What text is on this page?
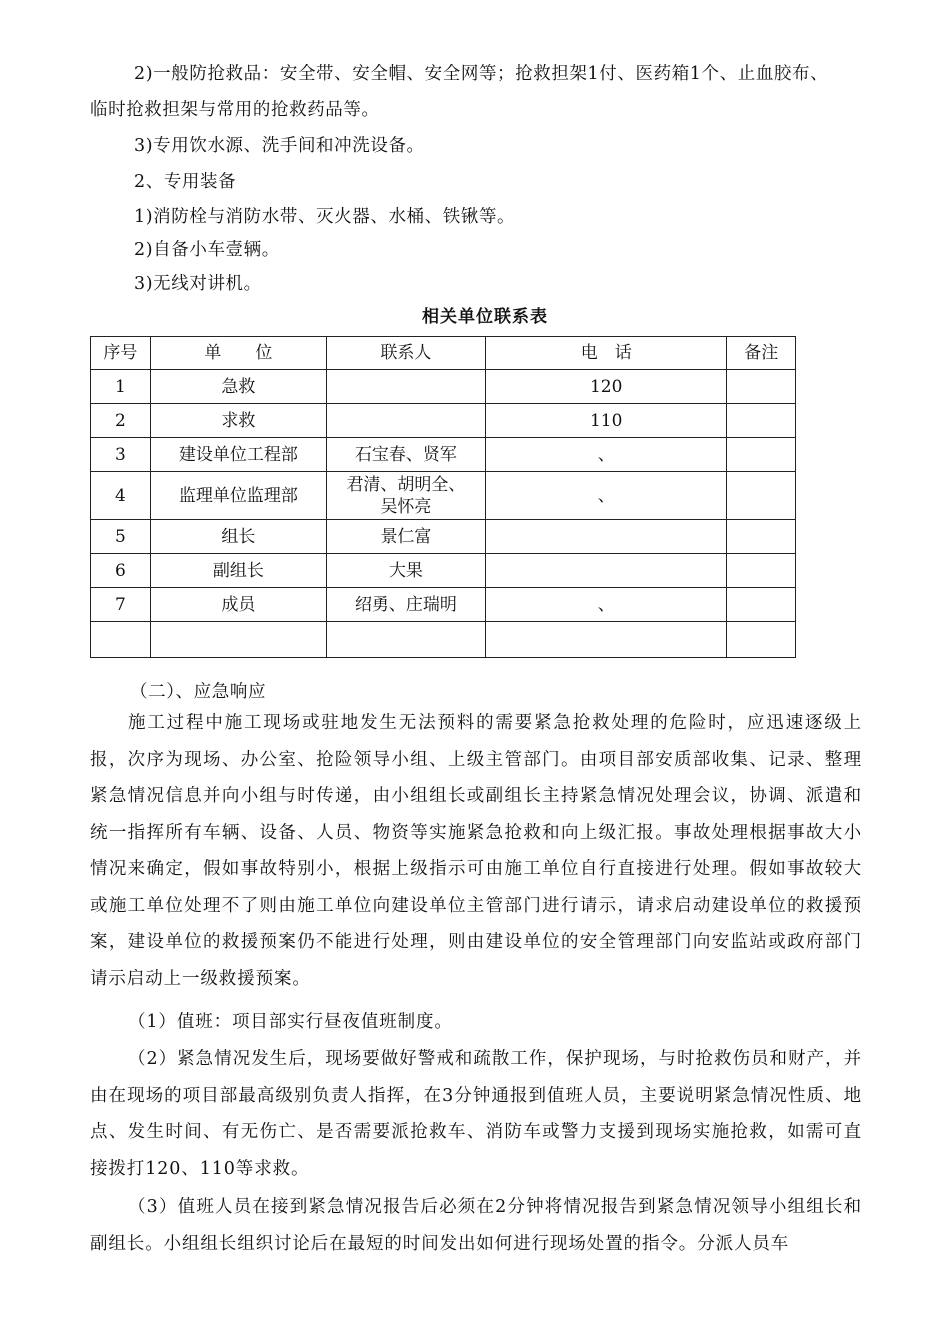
2)一般防抢救品：安全带、安全帽、安全网等；抢救担架1付、医药箱1个、止血胶布、
临时抢救担架与常用的抢救药品等。
3)专用饮水源、洗手间和冲洗设备。
2、专用装备
1)消防栓与消防水带、灭火器、水桶、铁锹等。
2)自备小车壹辆。
3)无线对讲机。
相关单位联系表
序号	单　　位	联系人	电　话	备注
1	急救		120	
2	求救		110	
3	建设单位工程部	石宝春、贤军	、	
4	监理单位监理部	君清、胡明全、吴怀亮	、	
5	组长	景仁富		
6	副组长	大果		
7	成员	绍勇、庄瑞明	、	

（二）、应急响应
施工过程中施工现场或驻地发生无法预料的需要紧急抢救处理的危险时，应迅速逐级上报，次序为现场、办公室、抢险领导小组、上级主管部门。由项目部安质部收集、记录、整理紧急情况信息并向小组与时传递，由小组组长或副组长主持紧急情况处理会议，协调、派遣和统一指挥所有车辆、设备、人员、物资等实施紧急抢救和向上级汇报。事故处理根据事故大小情况来确定，假如事故特别小，根据上级指示可由施工单位自行直接进行处理。假如事故较大或施工单位处理不了则由施工单位向建设单位主管部门进行请示，请求启动建设单位的救援预案，建设单位的救援预案仍不能进行处理，则由建设单位的安全管理部门向安监站或政府部门请示启动上一级救援预案。
（1）值班：项目部实行昼夜值班制度。
（2）紧急情况发生后，现场要做好警戒和疏散工作，保护现场，与时抢救伤员和财产，并由在现场的项目部最高级别负责人指挥，在3分钟通报到值班人员，主要说明紧急情况性质、地点、发生时间、有无伤亡、是否需要派抢救车、消防车或警力支援到现场实施抢救，如需可直接拨打120、110等求救。
（3）值班人员在接到紧急情况报告后必须在2分钟将情况报告到紧急情况领导小组组长和副组长。小组组长组织讨论后在最短的时间发出如何进行现场处置的指令。分派人员车
